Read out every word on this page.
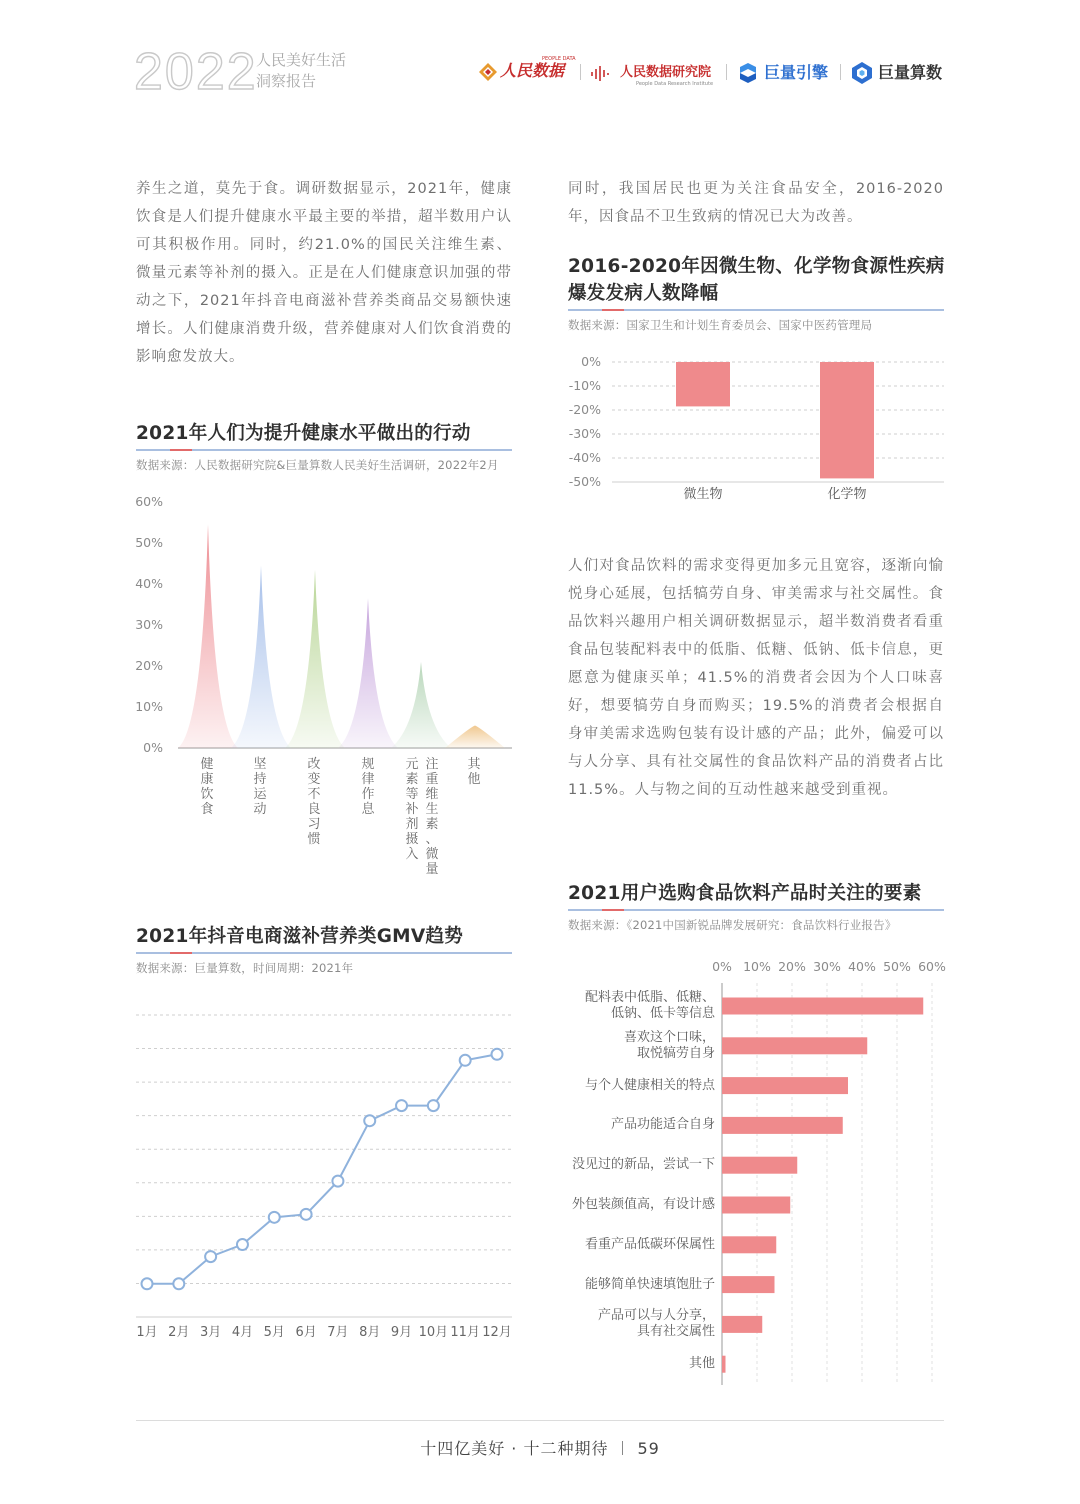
2022
人民美好生活
洞察报告
人民数据
PEOPLE DATA
人民数据研究院
People Data Research Institute
巨量引擎	巨量算数
养生之道，莫先于食。调研数据显示，2021年，健康饮食是人们提升健康水平最主要的举措，超半数用户认可其积极作用。同时，约21.0%的国民关注维生素、微量元素等补剂的摄入。正是在人们健康意识加强的带动之下，2021年抖音电商滋补营养类商品交易额快速增长。人们健康消费升级，营养健康对人们饮食消费的影响愈发放大。
同时，我国居民也更为关注食品安全，2016-2020年，因食品不卫生致病的情况已大为改善。
2016-2020年因微生物、化学物食源性疾病
爆发发病人数降幅
数据来源：国家卫生和计划生育委员会、国家中医药管理局
0%
-10%
-20%
-30%
-40%
-50%
微生物	化学物
人们对食品饮料的需求变得更加多元且宽容，逐渐向愉悦身心延展，包括犒劳自身、审美需求与社交属性。食品饮料兴趣用户相关调研数据显示，超半数消费者看重食品包装配料表中的低脂、低糖、低钠、低卡信息，更愿意为健康买单；41.5%的消费者会因为个人口味喜好，想要犒劳自身而购买；19.5%的消费者会根据自身审美需求选购包装有设计感的产品；此外，偏爱可以与人分享、具有社交属性的食品饮料产品的消费者占比11.5%。人与物之间的互动性越来越受到重视。
2021年人们为提升健康水平做出的行动
数据来源：人民数据研究院&巨量算数人民美好生活调研，2022年2月
0%
10%
20%
30%
40%
50%
60%
健
康
饮
食
坚
持
运
动
改
变
不
良
习
惯
规
律
作
息
注
重
维
生
素
、
微
量
元
素
等
补
剂
摄
入
其
他
2021年抖音电商滋补营养类GMV趋势
数据来源：巨量算数，时间周期：2021年
1月 2月 3月 4月 5月 6月 7月 8月 9月 10月 11月 12月
2021用户选购食品饮料产品时关注的要素
数据来源：《2021中国新锐品牌发展研究：食品饮料行业报告》
0% 10% 20% 30% 40% 50% 60%
配料表中低脂、低糖、
低钠、低卡等信息
喜欢这个口味，
取悦犒劳自身
与个人健康相关的特点
产品功能适合自身
没见过的新品，尝试一下
外包装颜值高，有设计感
看重产品低碳环保属性
能够简单快速填饱肚子
产品可以与人分享，
具有社交属性
其他
十四亿美好 · 十二种期待 59
